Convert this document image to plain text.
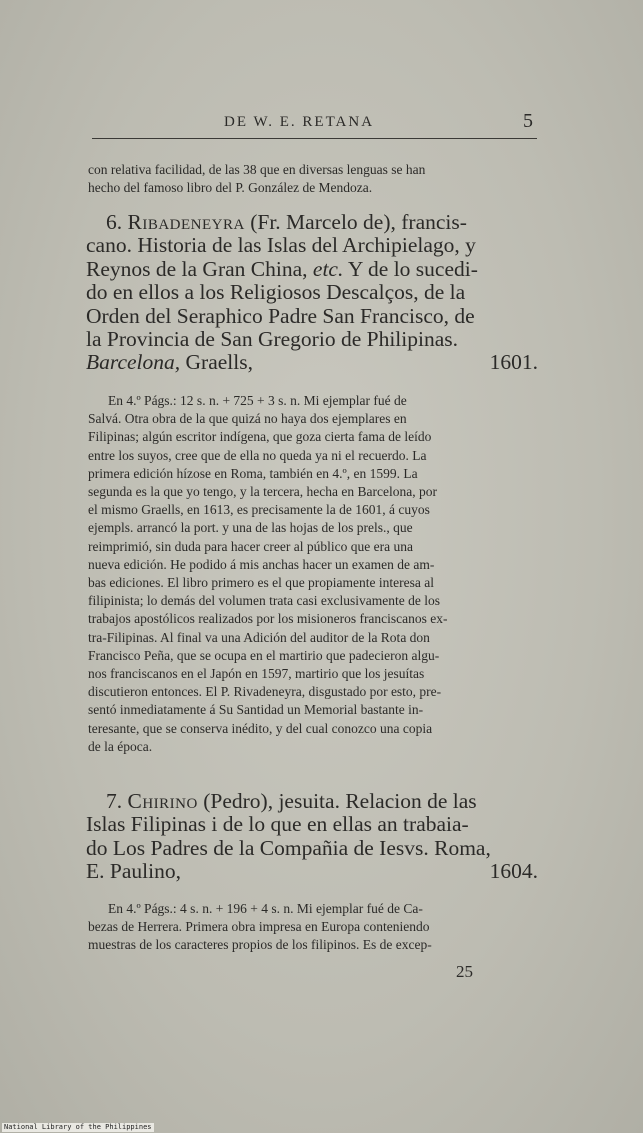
DE W. E. RETANA	5
con relativa facilidad, de las 38 que en diversas lenguas se han
hecho del famoso libro del P. González de Mendoza.
6. Ribadeneyra (Fr. Marcelo de), francis-
cano. Historia de las Islas del Archipielago, y
Reynos de la Gran China, etc. Y de lo sucedi-
do en ellos a los Religiosos Descalços, de la
Orden del Seraphico Padre San Francisco, de
la Provincia de San Gregorio de Philipinas.
Barcelona, Graells,	1601.
En 4.º Págs.: 12 s. n. + 725 + 3 s. n. Mi ejemplar fué de
Salvá. Otra obra de la que quizá no haya dos ejemplares en
Filipinas; algún escritor indígena, que goza cierta fama de leído
entre los suyos, cree que de ella no queda ya ni el recuerdo. La
primera edición hízose en Roma, también en 4.º, en 1599. La
segunda es la que yo tengo, y la tercera, hecha en Barcelona, por
el mismo Graells, en 1613, es precisamente la de 1601, á cuyos
ejempls. arrancó la port. y una de las hojas de los prels., que
reimprimió, sin duda para hacer creer al público que era una
nueva edición. He podido á mis anchas hacer un examen de am-
bas ediciones. El libro primero es el que propiamente interesa al
filipinista; lo demás del volumen trata casi exclusivamente de los
trabajos apostólicos realizados por los misioneros franciscanos ex-
tra-Filipinas. Al final va una Adición del auditor de la Rota don
Francisco Peña, que se ocupa en el martirio que padecieron algu-
nos franciscanos en el Japón en 1597, martirio que los jesuítas
discutieron entonces. El P. Rivadeneyra, disgustado por esto, pre-
sentó inmediatamente á Su Santidad un Memorial bastante in-
teresante, que se conserva inédito, y del cual conozco una copia
de la época.
7. Chirino (Pedro), jesuita. Relacion de las
Islas Filipinas i de lo que en ellas an trabaia-
do Los Padres de la Compañia de Iesvs. Roma,
E. Paulino,	1604.
En 4.º Págs.: 4 s. n. + 196 + 4 s. n. Mi ejemplar fué de Ca-
bezas de Herrera. Primera obra impresa en Europa conteniendo
muestras de los caracteres propios de los filipinos. Es de excep-
25
National Library of the Philippines
